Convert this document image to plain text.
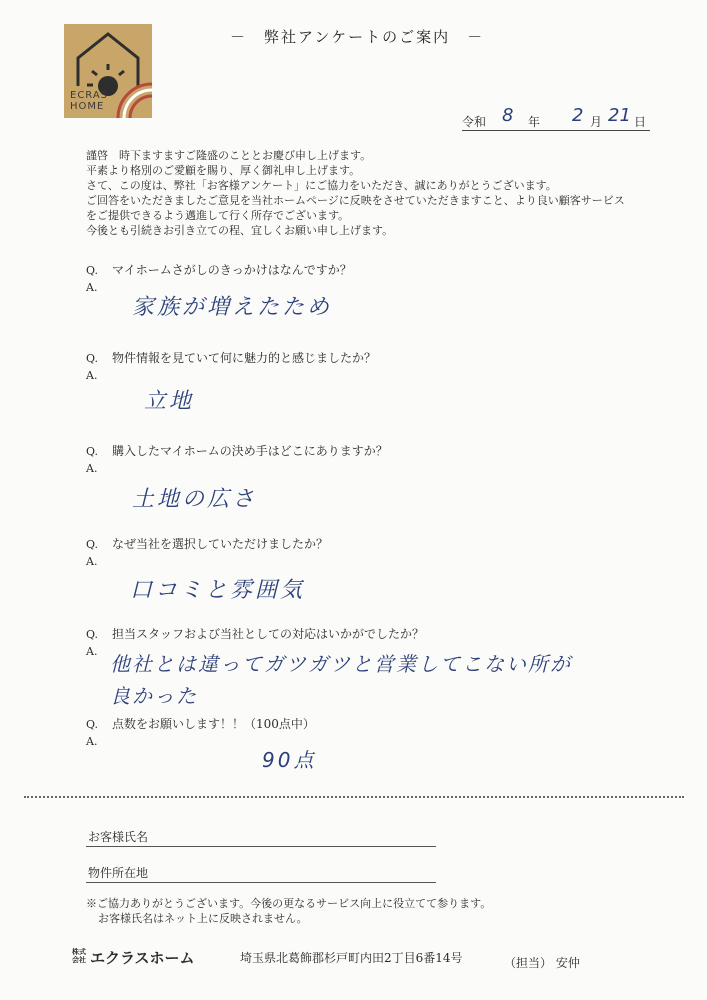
ECRAS
HOME
－　弊社アンケートのご案内　－
令和 8 年 2 月 21 日
謹啓　時下ますますご隆盛のこととお慶び申し上げます。
平素より格別のご愛顧を賜り、厚く御礼申し上げます。
さて、この度は、弊社「お客様アンケート」にご協力をいただき、誠にありがとうございます。
ご回答をいただきましたご意見を当社ホームページに反映をさせていただきますこと、より良い顧客サービス
をご提供できるよう邁進して行く所存でございます。
今後とも引続きお引き立ての程、宜しくお願い申し上げます。
Q. マイホームさがしのきっかけはなんですか？
A.
家族が増えたため
Q. 物件情報を見ていて何に魅力的と感じましたか？
A.
立地
Q. 購入したマイホームの決め手はどこにありますか？
A.
土地の広さ
Q. なぜ当社を選択していただけましたか？
A.
口コミと雰囲気
Q. 担当スタッフおよび当社としての対応はいかがでしたか？
A.
他社とは違ってガツガツと営業してこない所が
良かった
Q. 点数をお願いします！！（100点中）
A.
90点
お客様氏名
物件所在地
※ご協力ありがとうございます。今後の更なるサービス向上に役立てて参ります。
お客様氏名はネット上に反映されません。
株式
会社 エクラスホーム	埼玉県北葛飾郡杉戸町内田2丁目6番14号	（担当） 安仲
